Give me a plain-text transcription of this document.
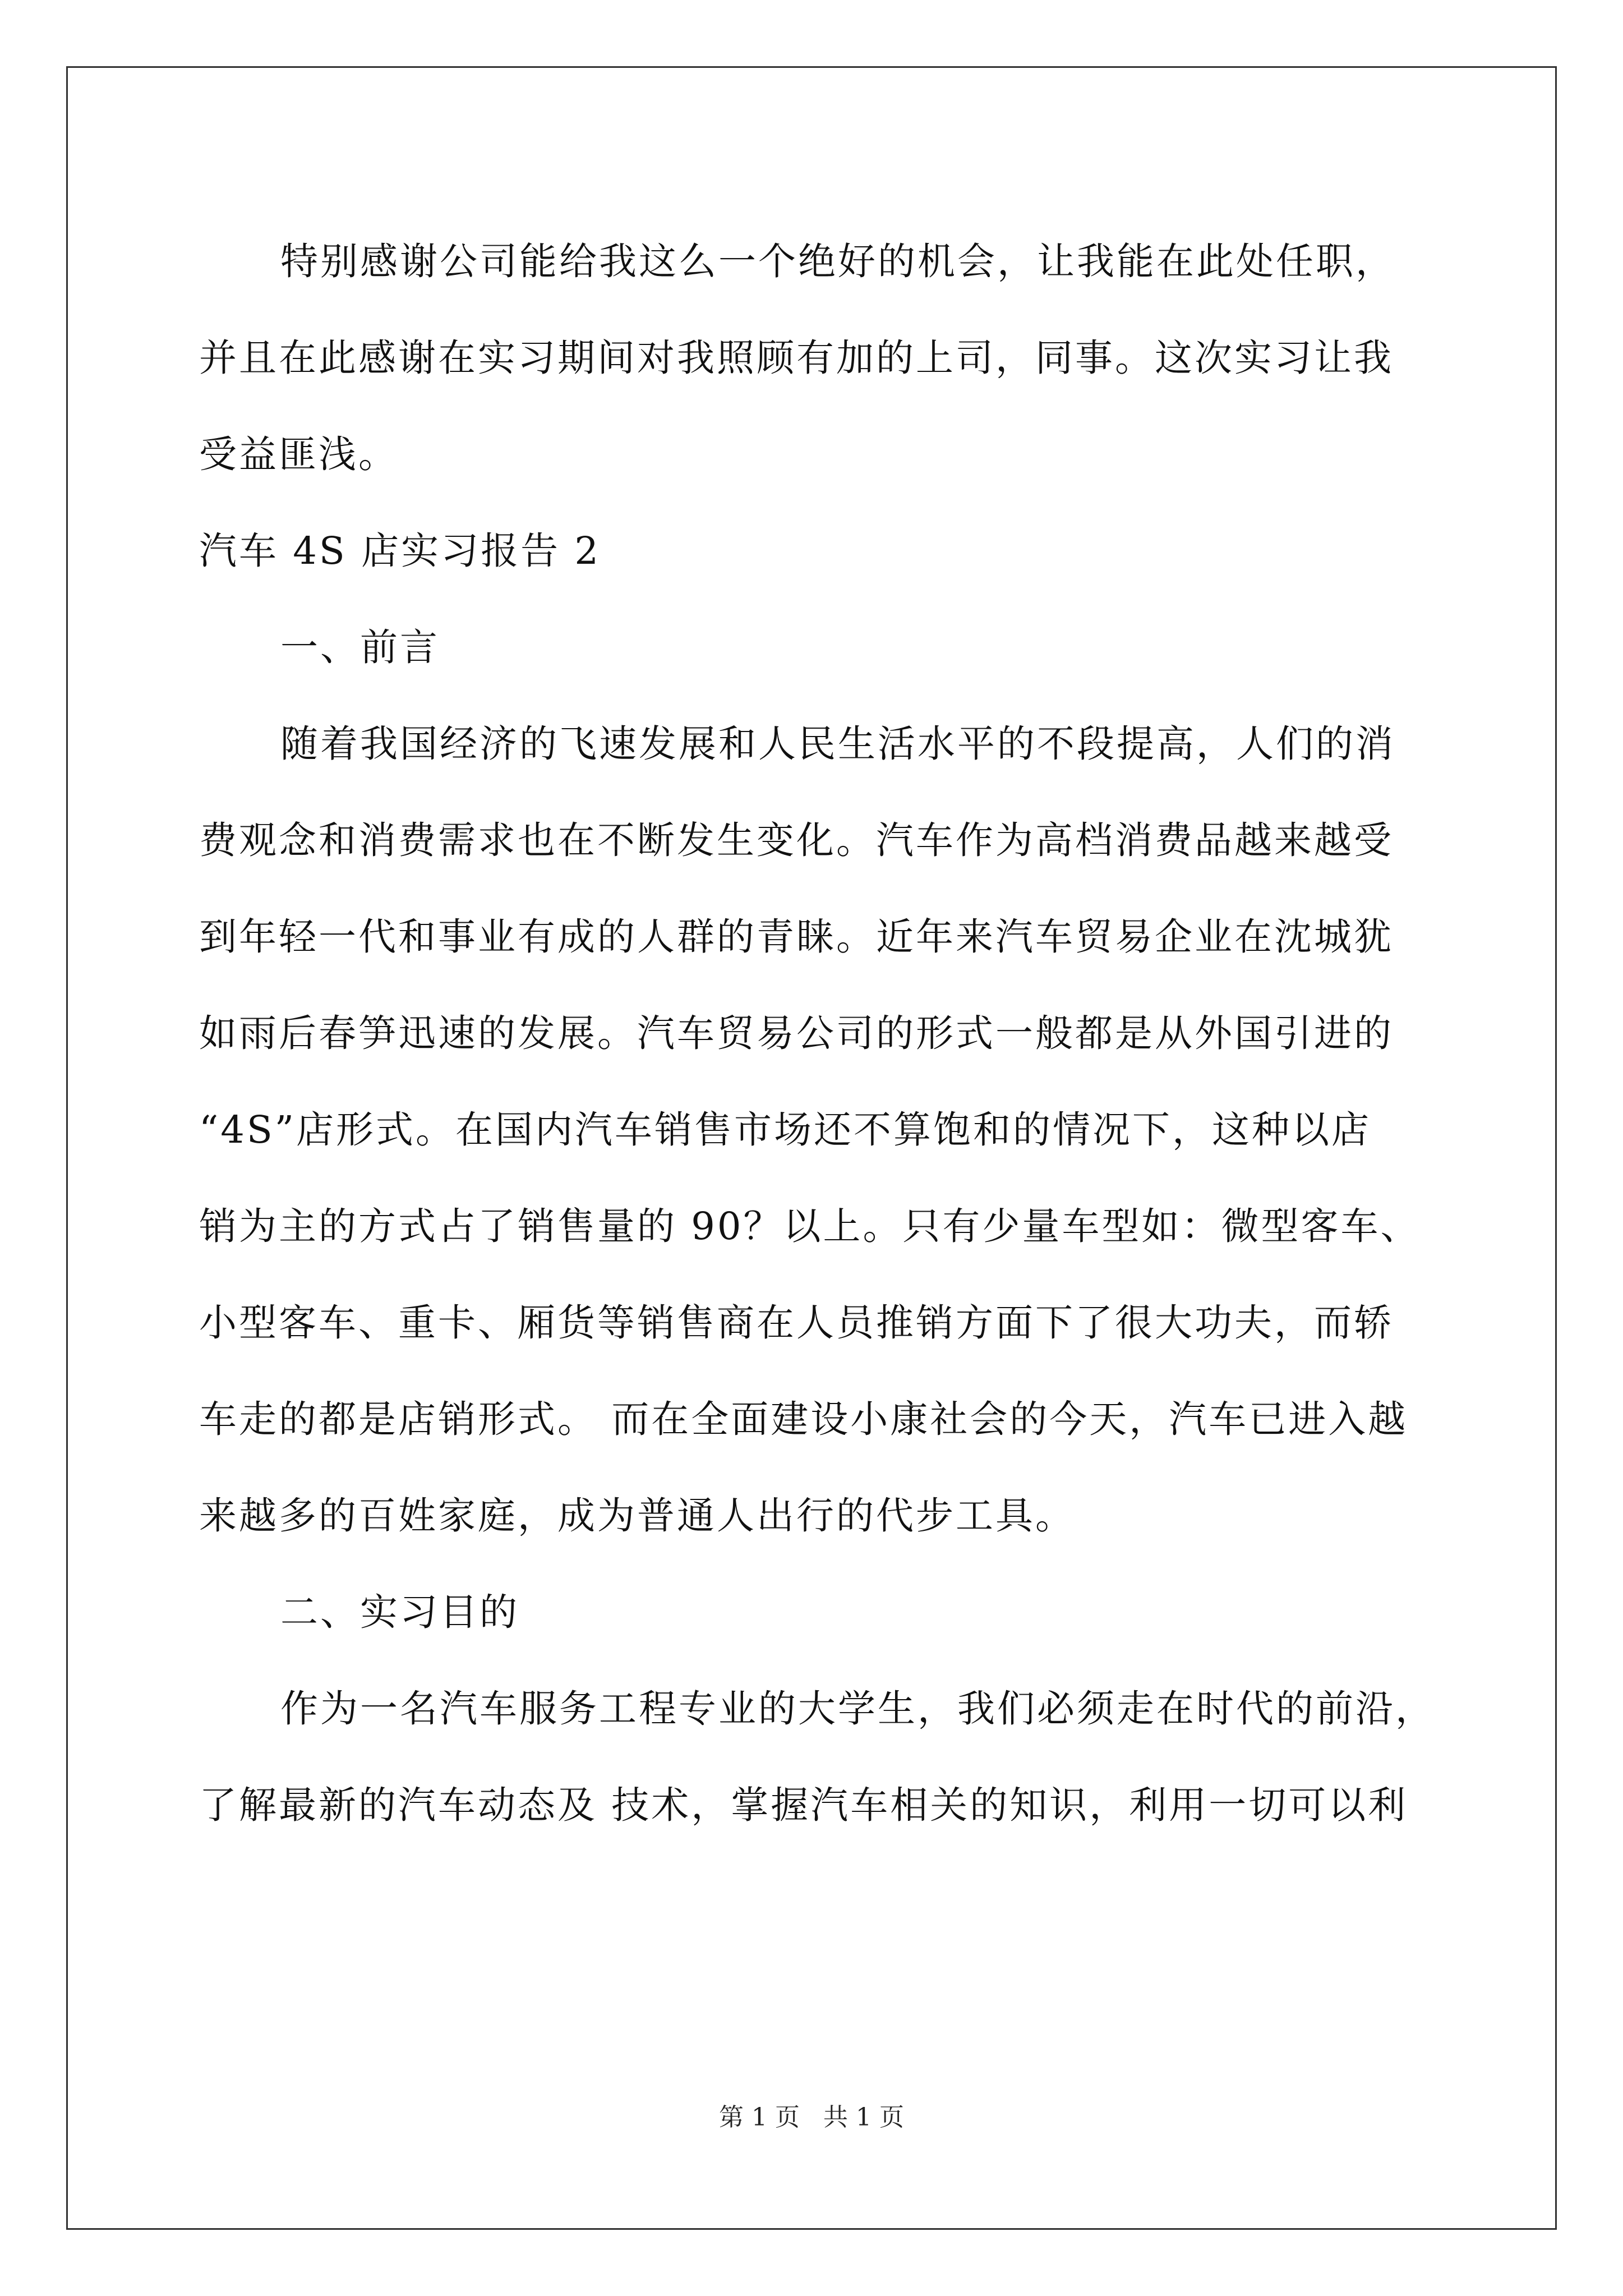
特别感谢公司能给我这么一个绝好的机会，让我能在此处任职，
并且在此感谢在实习期间对我照顾有加的上司，同事。这次实习让我
受益匪浅。
汽车 4S 店实习报告 2
一、前言
随着我国经济的飞速发展和人民生活水平的不段提高，人们的消
费观念和消费需求也在不断发生变化。汽车作为高档消费品越来越受
到年轻一代和事业有成的人群的青睐。近年来汽车贸易企业在沈城犹
如雨后春笋迅速的发展。汽车贸易公司的形式一般都是从外国引进的
“4S”店形式。在国内汽车销售市场还不算饱和的情况下，这种以店
销为主的方式占了销售量的 90？以上。只有少量车型如：微型客车、
小型客车、重卡、厢货等销售商在人员推销方面下了很大功夫，而轿
车走的都是店销形式。 而在全面建设小康社会的今天，汽车已进入越
来越多的百姓家庭，成为普通人出行的代步工具。
二、实习目的
作为一名汽车服务工程专业的大学生，我们必须走在时代的前沿，
了解最新的汽车动态及 技术，掌握汽车相关的知识，利用一切可以利
第 1 页   共 1 页
